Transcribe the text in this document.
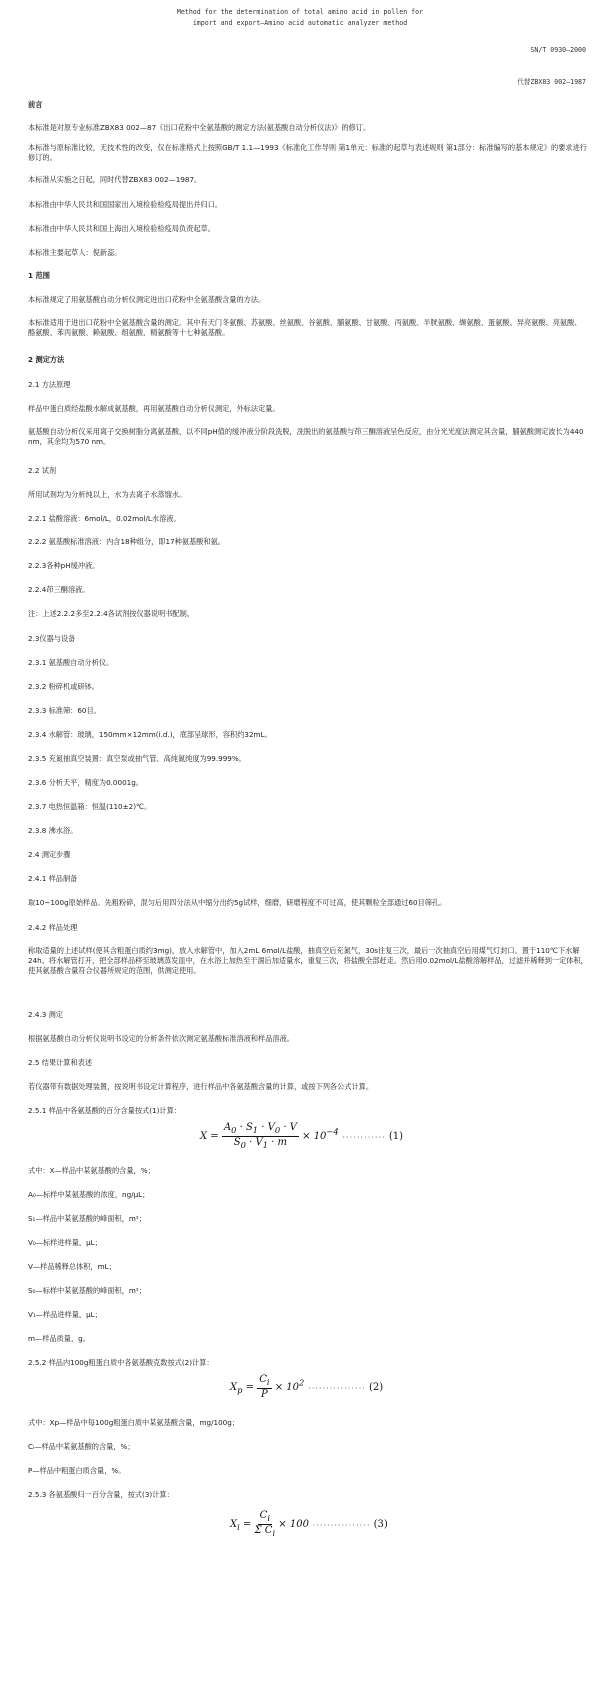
Method for the determination of total amino acid in pollen for
import and export—Amino acid automatic analyzer method
SN/T 0930—2000
代替ZBX83 002—1987
前言
本标准是对原专业标准ZBX83 002—87《出口花粉中全氨基酸的测定方法(氨基酸自动分析仪法)》的修订。
本标准与原标准比较，无技术性的改变，仅在标准格式上按照GB/T 1.1—1993《标准化工作导则 第1单元：标准的起草与表述规则 第1部分：标准编写的基本规定》的要求进行修订的。
本标准从实施之日起，同时代替ZBX83 002—1987。
本标准由中华人民共和国国家出入境检验检疫局提出并归口。
本标准由中华人民共和国上海出入境检验检疫局负责起草。
本标准主要起草人：倪新蕊。
1 范围
本标准规定了用氨基酸自动分析仪测定进出口花粉中全氨基酸含量的方法。
本标准适用于进出口花粉中全氨基酸含量的测定。其中有天门冬氨酸、苏氨酸、丝氨酸、谷氨酸、脯氨酸、甘氨酸、丙氨酸、半胱氨酸、缬氨酸、蛋氨酸、异亮氨酸、亮氨酸、酪氨酸、苯丙氨酸、赖氨酸、组氨酸、精氨酸等十七种氨基酸。
2 测定方法
2.1 方法原理
样品中蛋白质经盐酸水解成氨基酸，再用氨基酸自动分析仪测定，外标法定量。
氨基酸自动分析仪采用离子交换树脂分离氨基酸，以不同pH值的缓冲液分阶段洗脱，洗脱出的氨基酸与茚三酮溶液呈色反应，由分光光度法测定其含量，脯氨酸测定波长为440 nm，其余均为570 nm。
2.2 试剂
所用试剂均为分析纯以上，水为去离子水蒸馏水。
2.2.1 盐酸溶液：6mol/L，0.02mol/L水溶液。
2.2.2 氨基酸标准溶液：内含18种组分，即17种氨基酸和氨。
2.2.3各种pH缓冲液。
2.2.4茚三酮溶液。
注：上述2.2.2多至2.2.4各试剂按仪器说明书配制。
2.3仪器与设备
2.3.1 氨基酸自动分析仪。
2.3.2 粉碎机或研钵。
2.3.3 标准筛：60目。
2.3.4 水解管：玻璃，150mm×12mm(i.d.)，底部呈球形，容积约32mL。
2.3.5 充氮抽真空装置：真空泵或抽气管、高纯氮纯度为99.999%。
2.3.6 分析天平，精度为0.0001g。
2.3.7 电热恒温箱：恒温(110±2)℃。
2.3.8 沸水浴。
2.4 测定步骤
2.4.1 样品制备
取10~100g原始样品。先粗粉碎，混匀后用四分法从中缩分出约5g试样，细磨，研磨程度不可过高，使其颗粒全部通过60目筛孔。
2.4.2 样品处理
称取适量的上述试样(使其含粗蛋白质约3mg)，放入水解管中，加入2mL 6mol/L盐酸，抽真空后充氮气，30s往复三次，最后一次抽真空后用煤气灯封口。置于110℃下水解24h。将水解管打开，把全部样品移至玻璃蒸发皿中，在水浴上加热至干涸后加适量水，重复三次，将盐酸全部赶走。然后用0.02mol/L盐酸溶解样品，过滤并稀释到一定体积，使其氨基酸含量符合仪器所规定的范围，供测定使用。
2.4.3 测定
根据氨基酸自动分析仪说明书设定的分析条件依次测定氨基酸标准溶液和样品溶液。
2.5 结果计算和表述
若仪器带有数据处理装置，按说明书设定计算程序，进行样品中各氨基酸含量的计算，或按下列各公式计算。
2.5.1 样品中各氨基酸的百分含量按式(1)计算：
$X = \frac{A_0 \cdot S_1 \cdot V_0 \cdot V}{S_0 \cdot V_1 \cdot m} \times 10^{-4}$ ············ (1)
式中：X—样品中某氨基酸的含量，%；
A₀—标样中某氨基酸的浓度，ng/μL；
S₁—样品中某氨基酸的峰面积，m²；
V₀—标样进样量，μL；
V—样品稀释总体积，mL；
S₀—标样中某氨基酸的峰面积，m²；
V₁—样品进样量，μL；
m—样品质量，g。
2.5.2 样品内100g粗蛋白质中各氨基酸克数按式(2)计算：
$X_p = \frac{C_i}{P} \times 10^2$ ················ (2)
式中：Xp—样品中每100g粗蛋白质中某氨基酸含量，mg/100g；
Cᵢ—样品中某氨基酸的含量，%；
P—样品中粗蛋白质含量，%。
2.5.3 各氨基酸归一百分含量，按式(3)计算：
$X_i = \frac{C_i}{\Sigma C_i} \times 100$ ················ (3)
